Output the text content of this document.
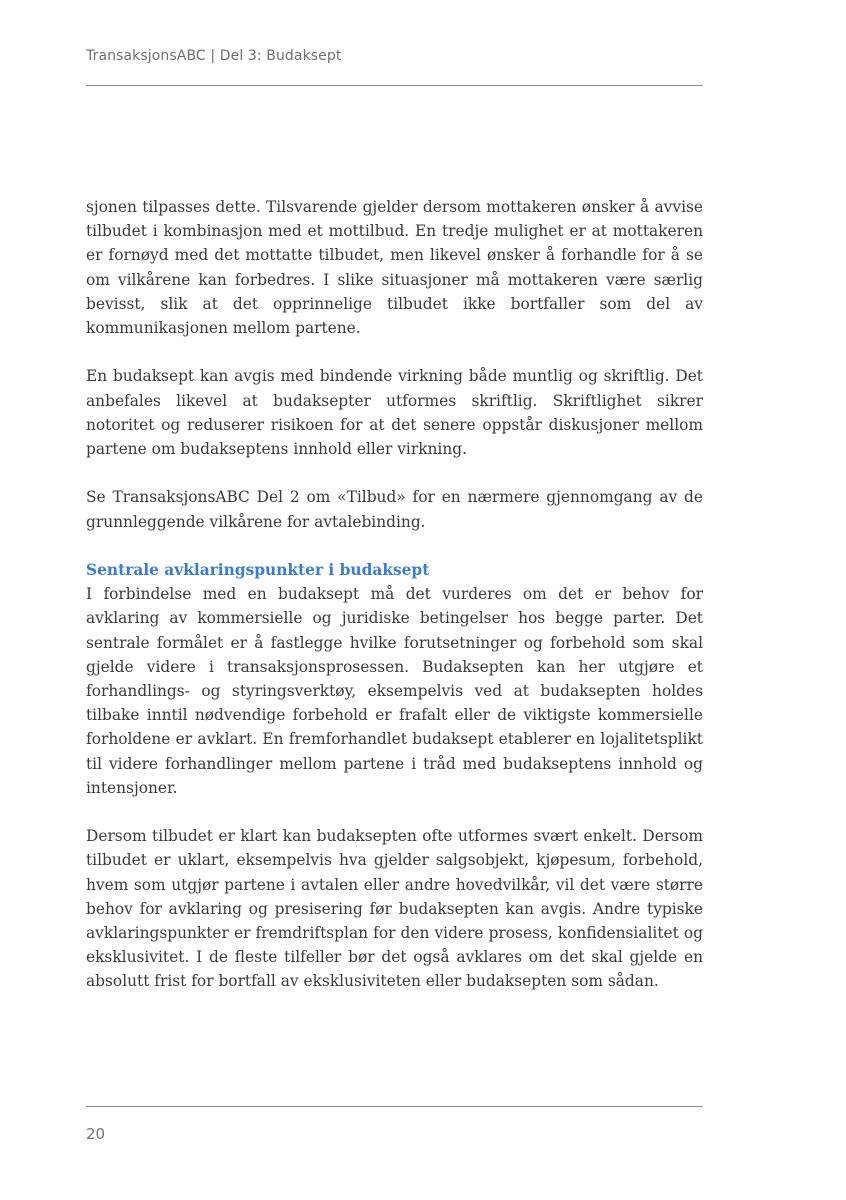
TransaksjonsABC | Del 3: Budaksept

sjonen tilpasses dette. Tilsvarende gjelder dersom mottakeren ønsker å avvise tilbudet i kombinasjon med et mottilbud. En tredje mulighet er at mottakeren er fornøyd med det mottatte tilbudet, men likevel ønsker å forhandle for å se om vilkårene kan forbedres. I slike situasjoner må mottakeren være særlig bevisst, slik at det opprinnelige tilbudet ikke bortfaller som del av kommunikasjonen mellom partene.

En budaksept kan avgis med bindende virkning både muntlig og skriftlig. Det anbefales likevel at budaksepter utformes skriftlig. Skriftlighet sikrer notoritet og reduserer risikoen for at det senere oppstår diskusjoner mellom partene om budakseptens innhold eller virkning.

Se TransaksjonsABC Del 2 om «Tilbud» for en nærmere gjennomgang av de grunnleggende vilkårene for avtalebinding.

Sentrale avklaringspunkter i budaksept

I forbindelse med en budaksept må det vurderes om det er behov for avklaring av kommersielle og juridiske betingelser hos begge parter. Det sentrale formålet er å fastlegge hvilke forutsetninger og forbehold som skal gjelde videre i transaksjonsprosessen. Budaksepten kan her utgjøre et forhandlings- og styringsverktøy, eksempelvis ved at budaksepten holdes tilbake inntil nødvendige forbehold er frafalt eller de viktigste kommersielle forholdene er avklart. En fremforhandlet budaksept etablerer en lojalitetsplikt til videre forhandlinger mellom partene i tråd med budakseptens innhold og intensjoner.

Dersom tilbudet er klart kan budaksepten ofte utformes svært enkelt. Dersom tilbudet er uklart, eksempelvis hva gjelder salgsobjekt, kjøpesum, forbehold, hvem som utgjør partene i avtalen eller andre hovedvilkår, vil det være større behov for avklaring og presisering før budaksepten kan avgis. Andre typiske avklaringspunkter er fremdriftsplan for den videre prosess, konfidensialitet og eksklusivitet. I de fleste tilfeller bør det også avklares om det skal gjelde en absolutt frist for bortfall av eksklusiviteten eller budaksepten som sådan.

20
